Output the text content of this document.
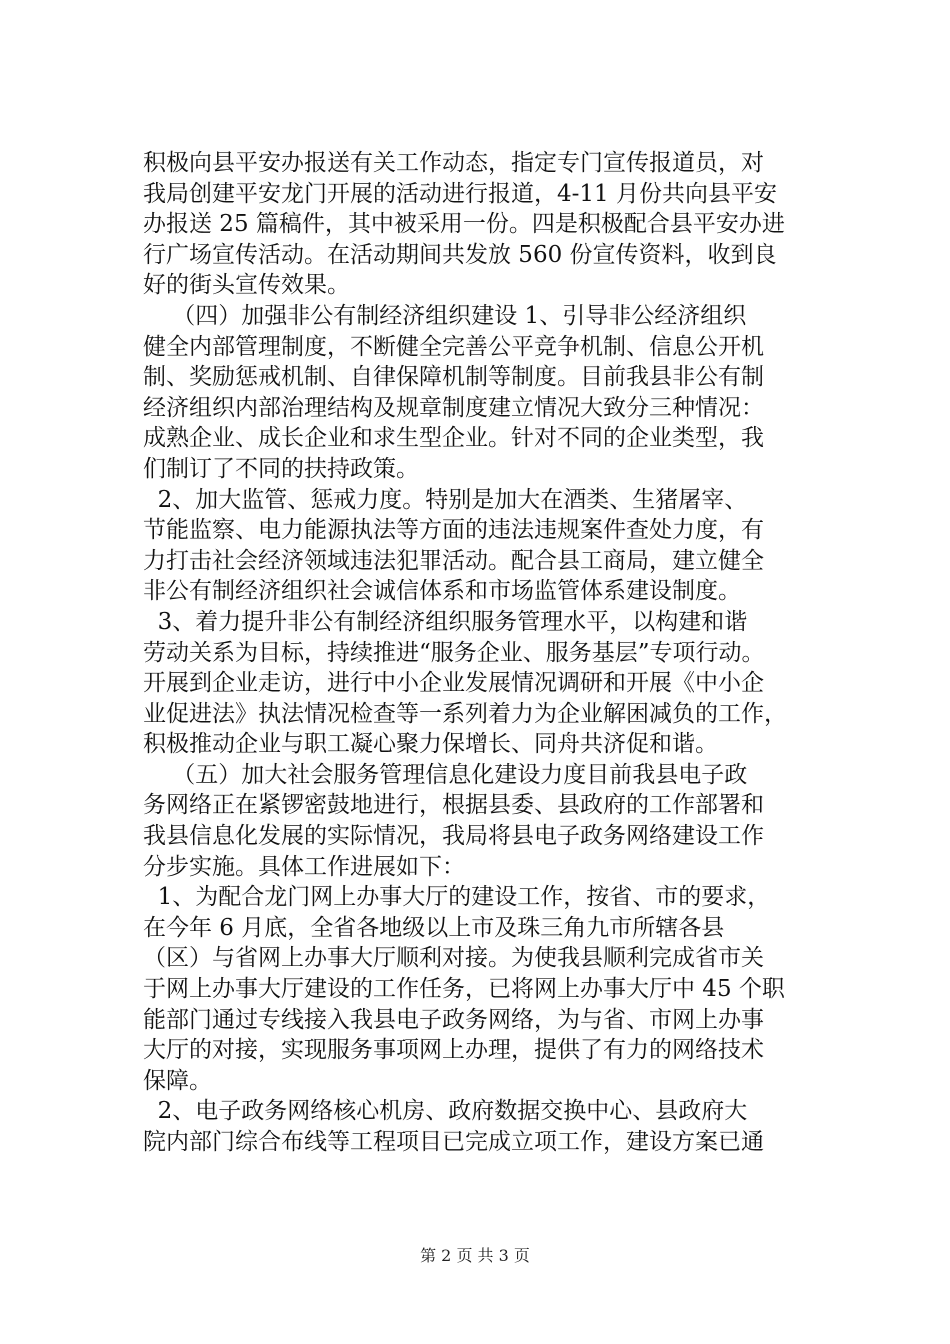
积极向县平安办报送有关工作动态，指定专门宣传报道员，对
我局创建平安龙门开展的活动进行报道，4-11 月份共向县平安
办报送 25 篇稿件，其中被采用一份。四是积极配合县平安办进
行广场宣传活动。在活动期间共发放 560 份宣传资料，收到良
好的街头宣传效果。
（四）加强非公有制经济组织建设 1、引导非公经济组织
健全内部管理制度，不断健全完善公平竞争机制、信息公开机
制、奖励惩戒机制、自律保障机制等制度。目前我县非公有制
经济组织内部治理结构及规章制度建立情况大致分三种情况：
成熟企业、成长企业和求生型企业。针对不同的企业类型，我
们制订了不同的扶持政策。
2、加大监管、惩戒力度。特别是加大在酒类、生猪屠宰、
节能监察、电力能源执法等方面的违法违规案件查处力度，有
力打击社会经济领域违法犯罪活动。配合县工商局，建立健全
非公有制经济组织社会诚信体系和市场监管体系建设制度。
3、着力提升非公有制经济组织服务管理水平，以构建和谐
劳动关系为目标，持续推进“服务企业、服务基层”专项行动。
开展到企业走访，进行中小企业发展情况调研和开展《中小企
业促进法》执法情况检查等一系列着力为企业解困减负的工作，
积极推动企业与职工凝心聚力保增长、同舟共济促和谐。
（五）加大社会服务管理信息化建设力度目前我县电子政
务网络正在紧锣密鼓地进行，根据县委、县政府的工作部署和
我县信息化发展的实际情况，我局将县电子政务网络建设工作
分步实施。具体工作进展如下：
1、为配合龙门网上办事大厅的建设工作，按省、市的要求，
在今年 6 月底，全省各地级以上市及珠三角九市所辖各县
（区）与省网上办事大厅顺利对接。为使我县顺利完成省市关
于网上办事大厅建设的工作任务，已将网上办事大厅中 45 个职
能部门通过专线接入我县电子政务网络，为与省、市网上办事
大厅的对接，实现服务事项网上办理，提供了有力的网络技术
保障。
2、电子政务网络核心机房、政府数据交换中心、县政府大
院内部门综合布线等工程项目已完成立项工作，建设方案已通
第 2 页 共 3 页
